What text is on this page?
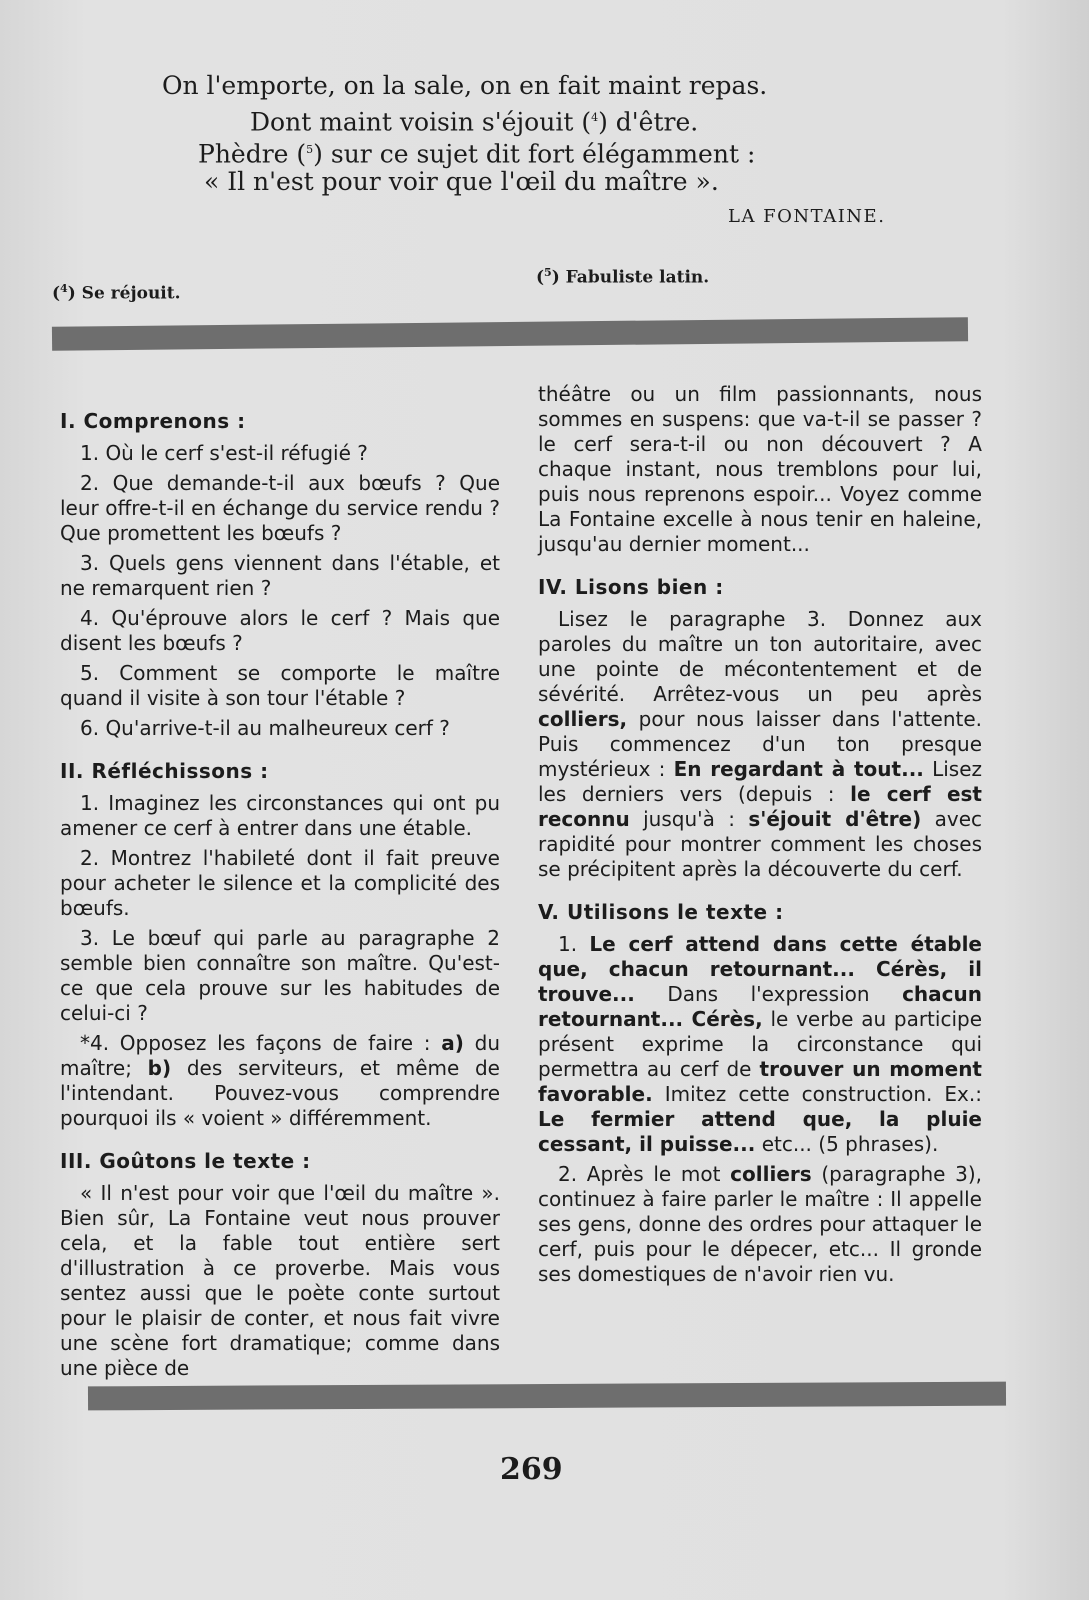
On l'emporte, on la sale, on en fait maint repas.
Dont maint voisin s'éjouit ($^4$) d'être.
Phèdre ($^5$) sur ce sujet dit fort élégamment :
« Il n'est pour voir que l'œil du maître ».
LA FONTAINE.
($^4$) Se réjouit.
($^5$) Fabuliste latin.
I. Comprenons :

1. Où le cerf s'est-il réfugié ?

2. Que demande-t-il aux bœufs ? Que leur offre-t-il en échange du service rendu ? Que promettent les bœufs ?

3. Quels gens viennent dans l'étable, et ne remarquent rien ?

4. Qu'éprouve alors le cerf ? Mais que disent les bœufs ?

5. Comment se comporte le maître quand il visite à son tour l'étable ?

6. Qu'arrive-t-il au malheureux cerf ?

II. Réfléchissons :

1. Imaginez les circonstances qui ont pu amener ce cerf à entrer dans une étable.

2. Montrez l'habileté dont il fait preuve pour acheter le silence et la complicité des bœufs.

3. Le bœuf qui parle au paragraphe 2 semble bien connaître son maître. Qu'est-ce que cela prouve sur les habitudes de celui-ci ?

*4. Opposez les façons de faire : a) du maître; b) des serviteurs, et même de l'intendant. Pouvez-vous comprendre pourquoi ils « voient » différemment.

III. Goûtons le texte :

« Il n'est pour voir que l'œil du maître ». Bien sûr, La Fontaine veut nous prouver cela, et la fable tout entière sert d'illustration à ce proverbe. Mais vous sentez aussi que le poète conte surtout pour le plaisir de conter, et nous fait vivre une scène fort dramatique; comme dans une pièce de

théâtre ou un film passionnants, nous sommes en suspens: que va-t-il se passer ? le cerf sera-t-il ou non découvert ? A chaque instant, nous tremblons pour lui, puis nous reprenons espoir... Voyez comme La Fontaine excelle à nous tenir en haleine, jusqu'au dernier moment...

IV. Lisons bien :

Lisez le paragraphe 3. Donnez aux paroles du maître un ton autoritaire, avec une pointe de mécontentement et de sévérité. Arrêtez-vous un peu après colliers, pour nous laisser dans l'attente. Puis commencez d'un ton presque mystérieux : En regardant à tout... Lisez les derniers vers (depuis : le cerf est reconnu jusqu'à : s'éjouit d'être) avec rapidité pour montrer comment les choses se précipitent après la découverte du cerf.

V. Utilisons le texte :

1. Le cerf attend dans cette étable que, chacun retournant... Cérès, il trouve... Dans l'expression chacun retournant... Cérès, le verbe au participe présent exprime la circonstance qui permettra au cerf de trouver un moment favorable. Imitez cette construction. Ex.: Le fermier attend que, la pluie cessant, il puisse... etc... (5 phrases).

2. Après le mot colliers (paragraphe 3), continuez à faire parler le maître : Il appelle ses gens, donne des ordres pour attaquer le cerf, puis pour le dépecer, etc... Il gronde ses domestiques de n'avoir rien vu.

269
